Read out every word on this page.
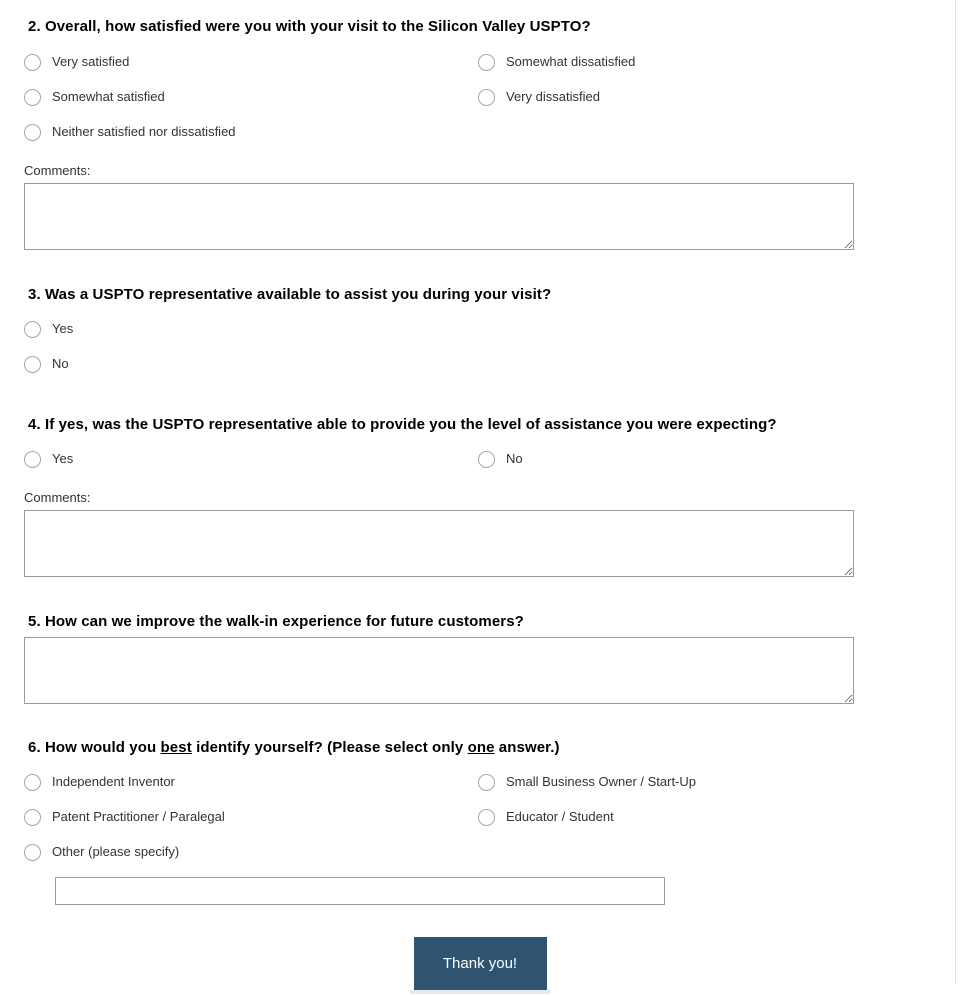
2. Overall, how satisfied were you with your visit to the Silicon Valley USPTO?
Very satisfied	Somewhat dissatisfied
Somewhat satisfied	Very dissatisfied
Neither satisfied nor dissatisfied
Comments:
3. Was a USPTO representative available to assist you during your visit?
Yes
No
4. If yes, was the USPTO representative able to provide you the level of assistance you were expecting?
Yes	No
Comments:
5. How can we improve the walk-in experience for future customers?
6. How would you best identify yourself? (Please select only one answer.)
Independent Inventor	Small Business Owner / Start-Up
Patent Practitioner / Paralegal	Educator / Student
Other (please specify)
Thank you!
